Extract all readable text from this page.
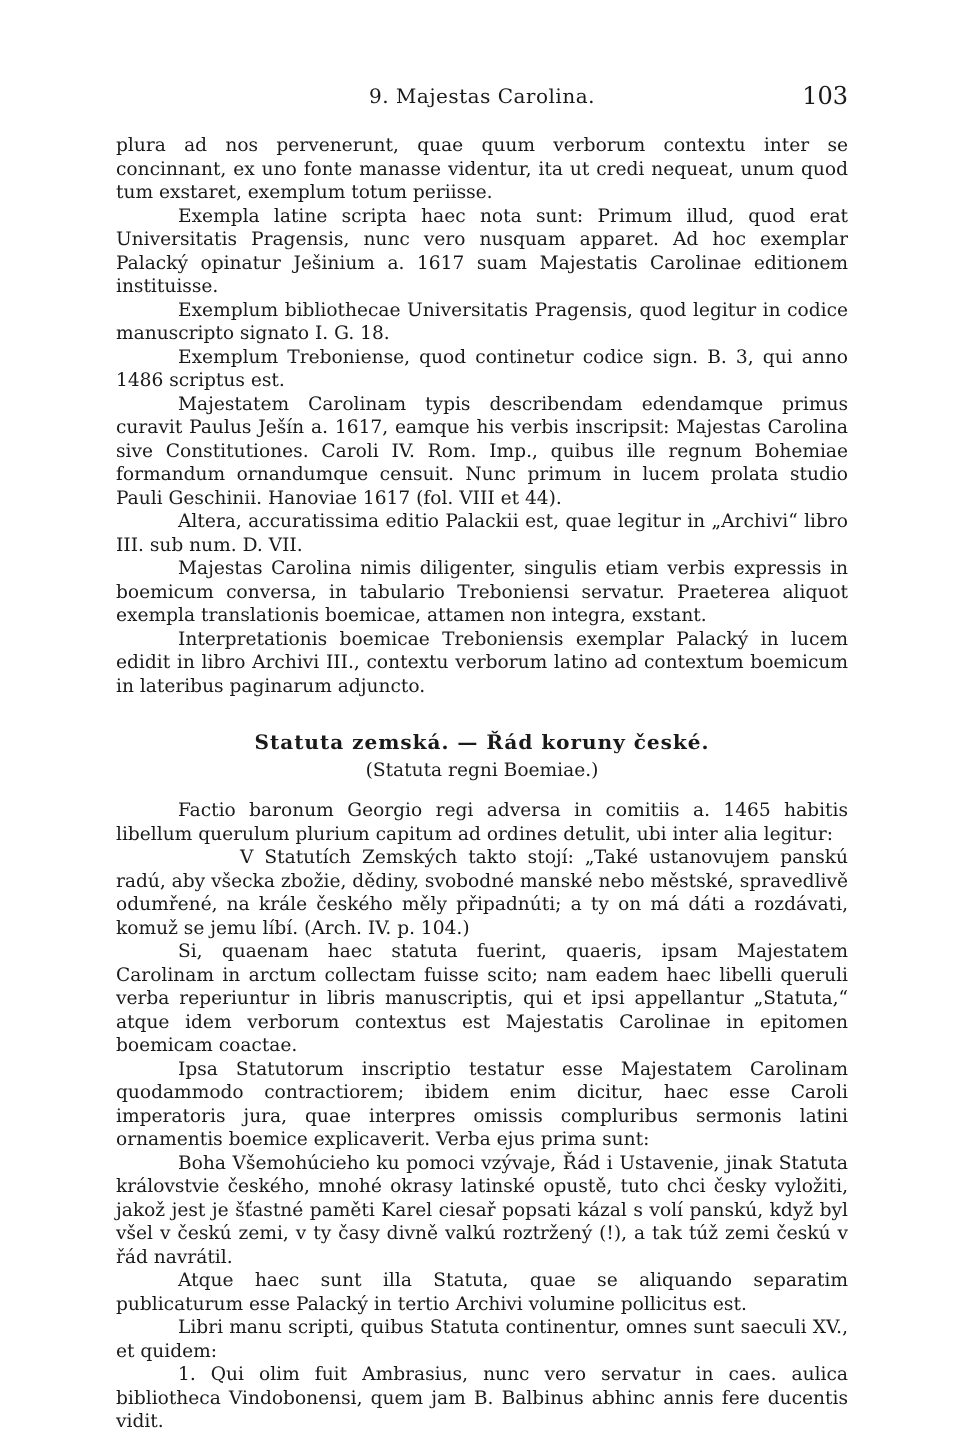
9. Majestas Carolina.	103

plura ad nos pervenerunt, quae quum verborum contextu inter se concinnant, ex uno fonte manasse videntur, ita ut credi nequeat, unum quod tum exstaret, exemplum totum periisse.

Exempla latine scripta haec nota sunt: Primum illud, quod erat Universitatis Pragensis, nunc vero nusquam apparet. Ad hoc exemplar Palacký opinatur Ješinium a. 1617 suam Majestatis Carolinae editionem instituisse.

Exemplum bibliothecae Universitatis Pragensis, quod legitur in codice manuscripto signato I. G. 18.

Exemplum Treboniense, quod continetur codice sign. B. 3, qui anno 1486 scriptus est.

Majestatem Carolinam typis describendam edendamque primus curavit Paulus Ješín a. 1617, eamque his verbis inscripsit: Majestas Carolina sive Constitutiones. Caroli IV. Rom. Imp., quibus ille regnum Bohemiae formandum ornandumque censuit. Nunc primum in lucem prolata studio Pauli Geschinii. Hanoviae 1617 (fol. VIII et 44).

Altera, accuratissima editio Palackii est, quae legitur in „Archivi“ libro III. sub num. D. VII.

Majestas Carolina nimis diligenter, singulis etiam verbis expressis in boemicum conversa, in tabulario Treboniensi servatur. Praeterea aliquot exempla translationis boemicae, attamen non integra, exstant.

Interpretationis boemicae Treboniensis exemplar Palacký in lucem edidit in libro Archivi III., contextu verborum latino ad contextum boemicum in lateribus paginarum adjuncto.

Statuta zemská. — Řád koruny české.
(Statuta regni Boemiae.)

Factio baronum Georgio regi adversa in comitiis a. 1465 habitis libellum querulum plurium capitum ad ordines detulit, ubi inter alia legitur:

V Statutích Zemských takto stojí: „Také ustanovujem panskú radú, aby všecka zbožie, dědiny, svobodné manské nebo městské, spravedlivě odumřené, na krále českého měly připadnúti; a ty on má dáti a rozdávati, komuž se jemu líbí. (Arch. IV. p. 104.)

Si, quaenam haec statuta fuerint, quaeris, ipsam Majestatem Carolinam in arctum collectam fuisse scito; nam eadem haec libelli queruli verba reperiuntur in libris manuscriptis, qui et ipsi appellantur „Statuta,“ atque idem verborum contextus est Majestatis Carolinae in epitomen boemicam coactae.

Ipsa Statutorum inscriptio testatur esse Majestatem Carolinam quodammodo contractiorem; ibidem enim dicitur, haec esse Caroli imperatoris jura, quae interpres omissis compluribus sermonis latini ornamentis boemice explicaverit. Verba ejus prima sunt:

Boha Všemohúcieho ku pomoci vzývaje, Řád i Ustavenie, jinak Statuta královstvie českého, mnohé okrasy latinské opustě, tuto chci česky vyložiti, jakož jest je šťastné paměti Karel ciesař popsati kázal s volí panskú, když byl všel v českú zemi, v ty časy divně valkú roztržený (!), a tak túž zemi českú v řád navrátil.

Atque haec sunt illa Statuta, quae se aliquando separatim publicaturum esse Palacký in tertio Archivi volumine pollicitus est.

Libri manu scripti, quibus Statuta continentur, omnes sunt saeculi XV., et quidem:

1. Qui olim fuit Ambrasius, nunc vero servatur in caes. aulica bibliotheca Vindobonensi, quem jam B. Balbinus abhinc annis fere ducentis vidit.
